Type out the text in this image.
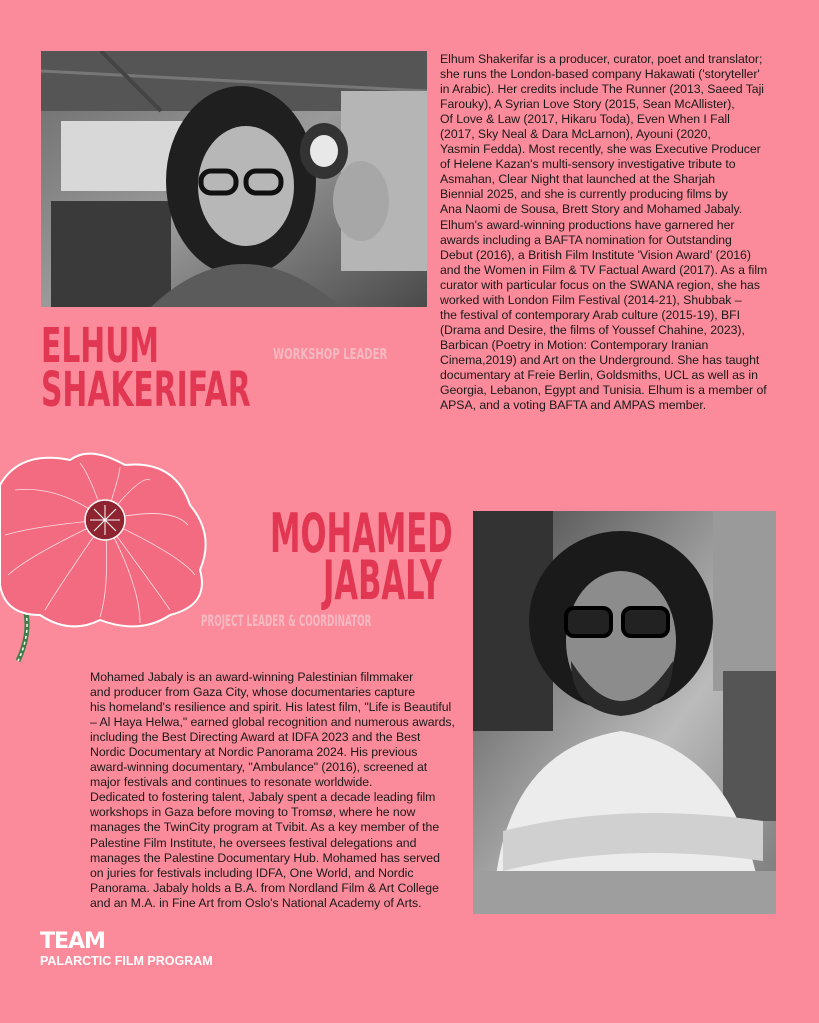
Elhum Shakerifar is a producer, curator, poet and translator;

she runs the London-based company Hakawati ('storyteller'

in Arabic). Her credits include The Runner (2013, Saeed Taji

Farouky), A Syrian Love Story (2015, Sean McAllister),

Of Love & Law (2017, Hikaru Toda), Even When I Fall

(2017, Sky Neal & Dara McLarnon), Ayouni (2020,

Yasmin Fedda). Most recently, she was Executive Producer

of Helene Kazan's multi-sensory investigative tribute to

Asmahan, Clear Night that launched at the Sharjah

Biennial 2025, and she is currently producing films by

Ana Naomi de Sousa, Brett Story and Mohamed Jabaly.

Elhum's award-winning productions have garnered her

awards including a BAFTA nomination for Outstanding

Debut (2016), a British Film Institute 'Vision Award' (2016)

and the Women in Film & TV Factual Award (2017). As a film

curator with particular focus on the SWANA region, she has

worked with London Film Festival (2014-21), Shubbak –

the festival of contemporary Arab culture (2015-19), BFI

(Drama and Desire, the films of Youssef Chahine, 2023),

Barbican (Poetry in Motion: Contemporary Iranian

Cinema,2019) and Art on the Underground. She has taught

documentary at Freie Berlin, Goldsmiths, UCL as well as in

Georgia, Lebanon, Egypt and Tunisia. Elhum is a member of

APSA, and a voting BAFTA and AMPAS member.

ELHUM
SHAKERIFAR
WORKSHOP LEADER
MOHAMED
JABALY
PROJECT LEADER & COORDINATOR

Mohamed Jabaly is an award-winning Palestinian filmmaker

and producer from Gaza City, whose documentaries capture

his homeland's resilience and spirit. His latest film, "Life is Beautiful

– Al Haya Helwa," earned global recognition and numerous awards,

including the Best Directing Award at IDFA 2023 and the Best

Nordic Documentary at Nordic Panorama 2024. His previous

award-winning documentary, "Ambulance" (2016), screened at

major festivals and continues to resonate worldwide.

Dedicated to fostering talent, Jabaly spent a decade leading film

workshops in Gaza before moving to Tromsø, where he now

manages the TwinCity program at Tvibit. As a key member of the

Palestine Film Institute, he oversees festival delegations and

manages the Palestine Documentary Hub. Mohamed has served

on juries for festivals including IDFA, One World, and Nordic

Panorama. Jabaly holds a B.A. from Nordland Film & Art College

and an M.A. in Fine Art from Oslo's National Academy of Arts.

TEAM
PALARCTIC FILM PROGRAM
